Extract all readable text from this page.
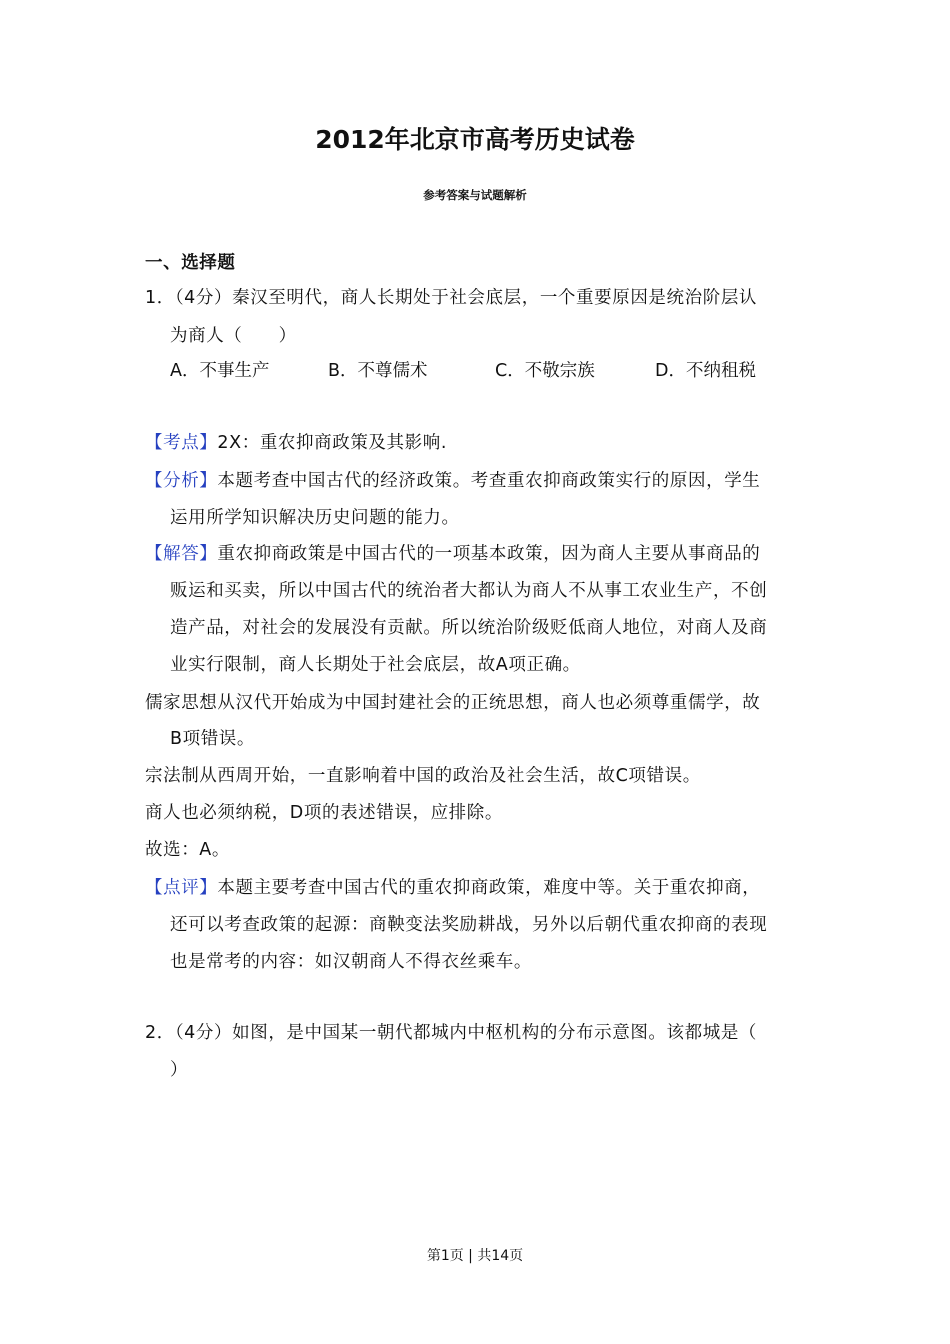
2012年北京市高考历史试卷
参考答案与试题解析
一、选择题
1．（4分）秦汉至明代，商人长期处于社会底层，一个重要原因是统治阶层认
为商人（　　）
A．不事生产	B．不尊儒术	C．不敬宗族	D．不纳租税
【考点】2X：重农抑商政策及其影响.
【分析】本题考查中国古代的经济政策。考查重农抑商政策实行的原因，学生
运用所学知识解决历史问题的能力。
【解答】重农抑商政策是中国古代的一项基本政策，因为商人主要从事商品的
贩运和买卖，所以中国古代的统治者大都认为商人不从事工农业生产，不创
造产品，对社会的发展没有贡献。所以统治阶级贬低商人地位，对商人及商
业实行限制，商人长期处于社会底层，故A项正确。
儒家思想从汉代开始成为中国封建社会的正统思想，商人也必须尊重儒学，故
B项错误。
宗法制从西周开始，一直影响着中国的政治及社会生活，故C项错误。
商人也必须纳税，D项的表述错误，应排除。
故选：A。
【点评】本题主要考查中国古代的重农抑商政策，难度中等。关于重农抑商，
还可以考查政策的起源：商鞅变法奖励耕战，另外以后朝代重农抑商的表现
也是常考的内容：如汉朝商人不得衣丝乘车。
2．（4分）如图，是中国某一朝代都城内中枢机构的分布示意图。该都城是（
）
第1页 | 共14页
